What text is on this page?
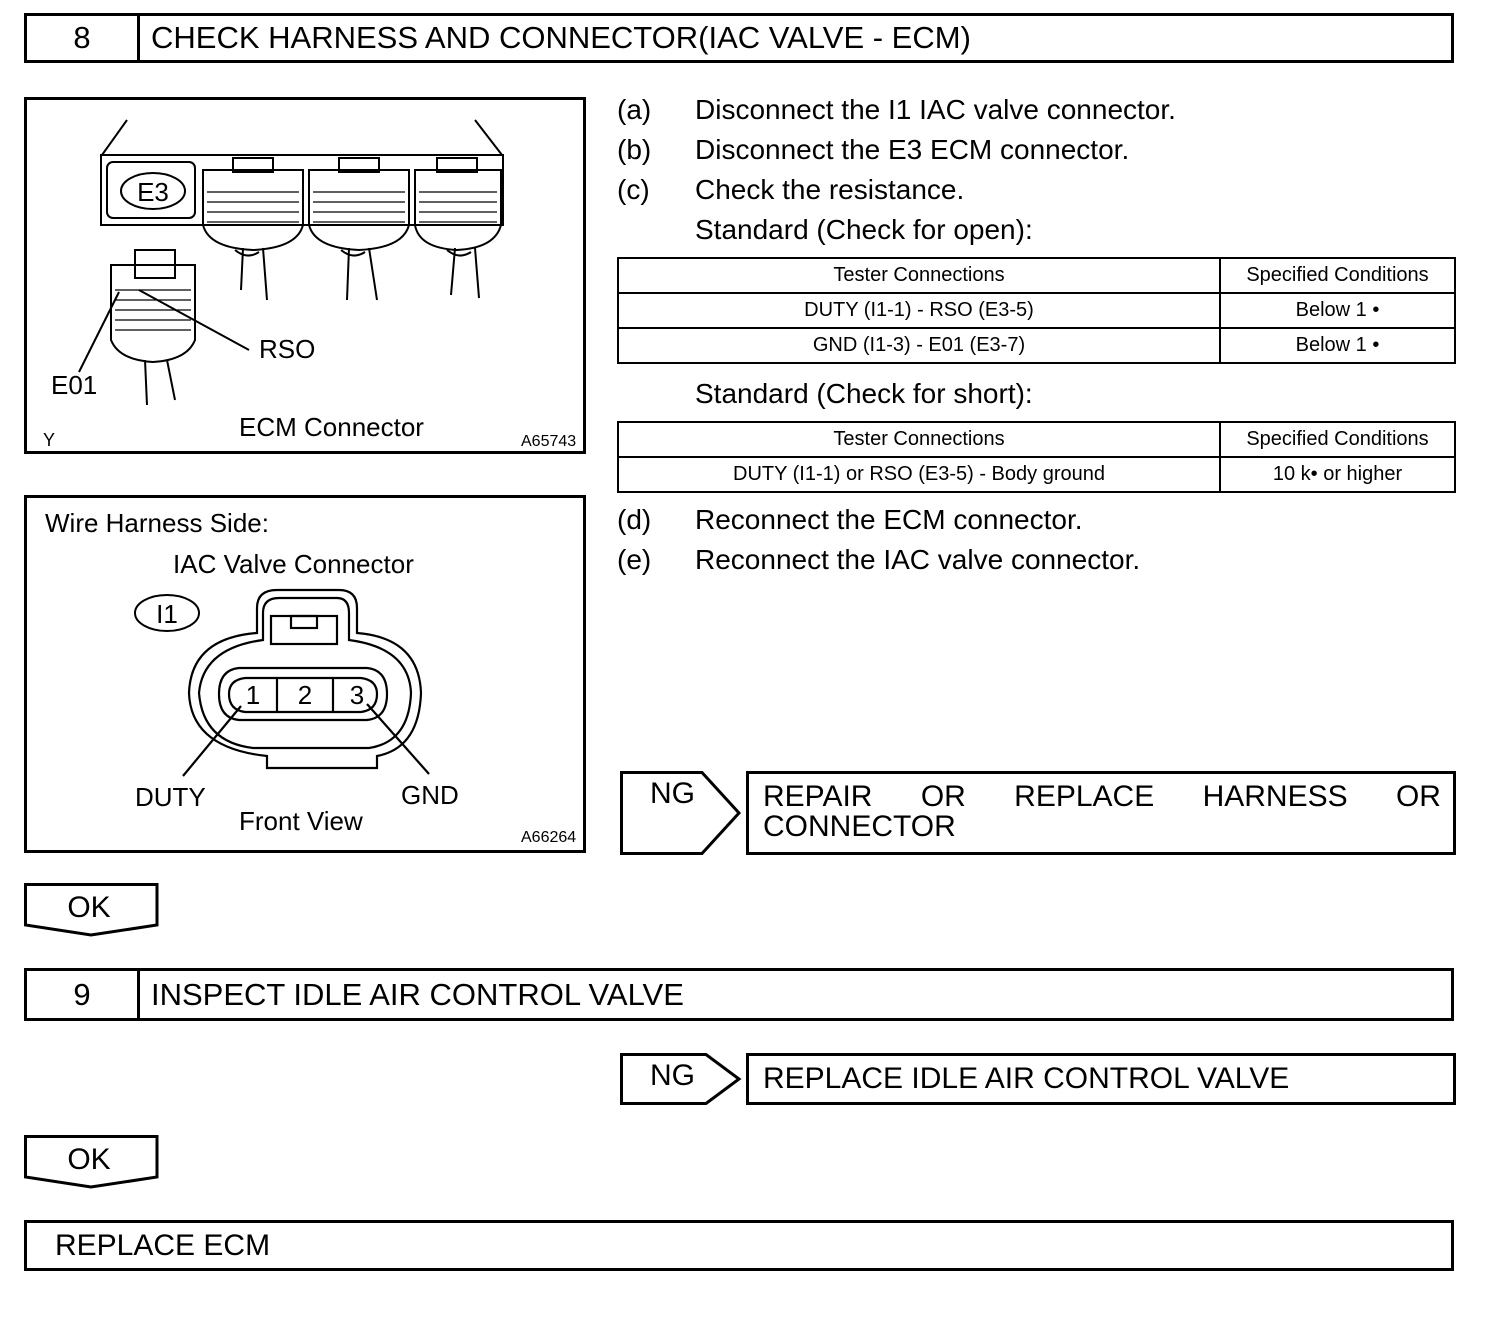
8	CHECK HARNESS AND CONNECTOR(IAC VALVE - ECM)
E3
RSO
E01
ECM Connector
Y	A65743
Wire Harness Side:
IAC Valve Connector
I1
1 2 3
DUTY	GND
Front View
A66264
(a) Disconnect the I1 IAC valve connector.
(b) Disconnect the E3 ECM connector.
(c) Check the resistance.
Standard (Check for open):
Tester Connections	Specified Conditions
DUTY (I1-1) - RSO (E3-5)	Below 1 •
GND (I1-3) - E01 (E3-7)	Below 1 •
Standard (Check for short):
Tester Connections	Specified Conditions
DUTY (I1-1) or RSO (E3-5) - Body ground	10 k• or higher
(d) Reconnect the ECM connector.
(e) Reconnect the IAC valve connector.
NG REPAIR OR REPLACE HARNESS OR
CONNECTOR
OK
9	INSPECT IDLE AIR CONTROL VALVE
NG REPLACE IDLE AIR CONTROL VALVE
OK
REPLACE ECM
